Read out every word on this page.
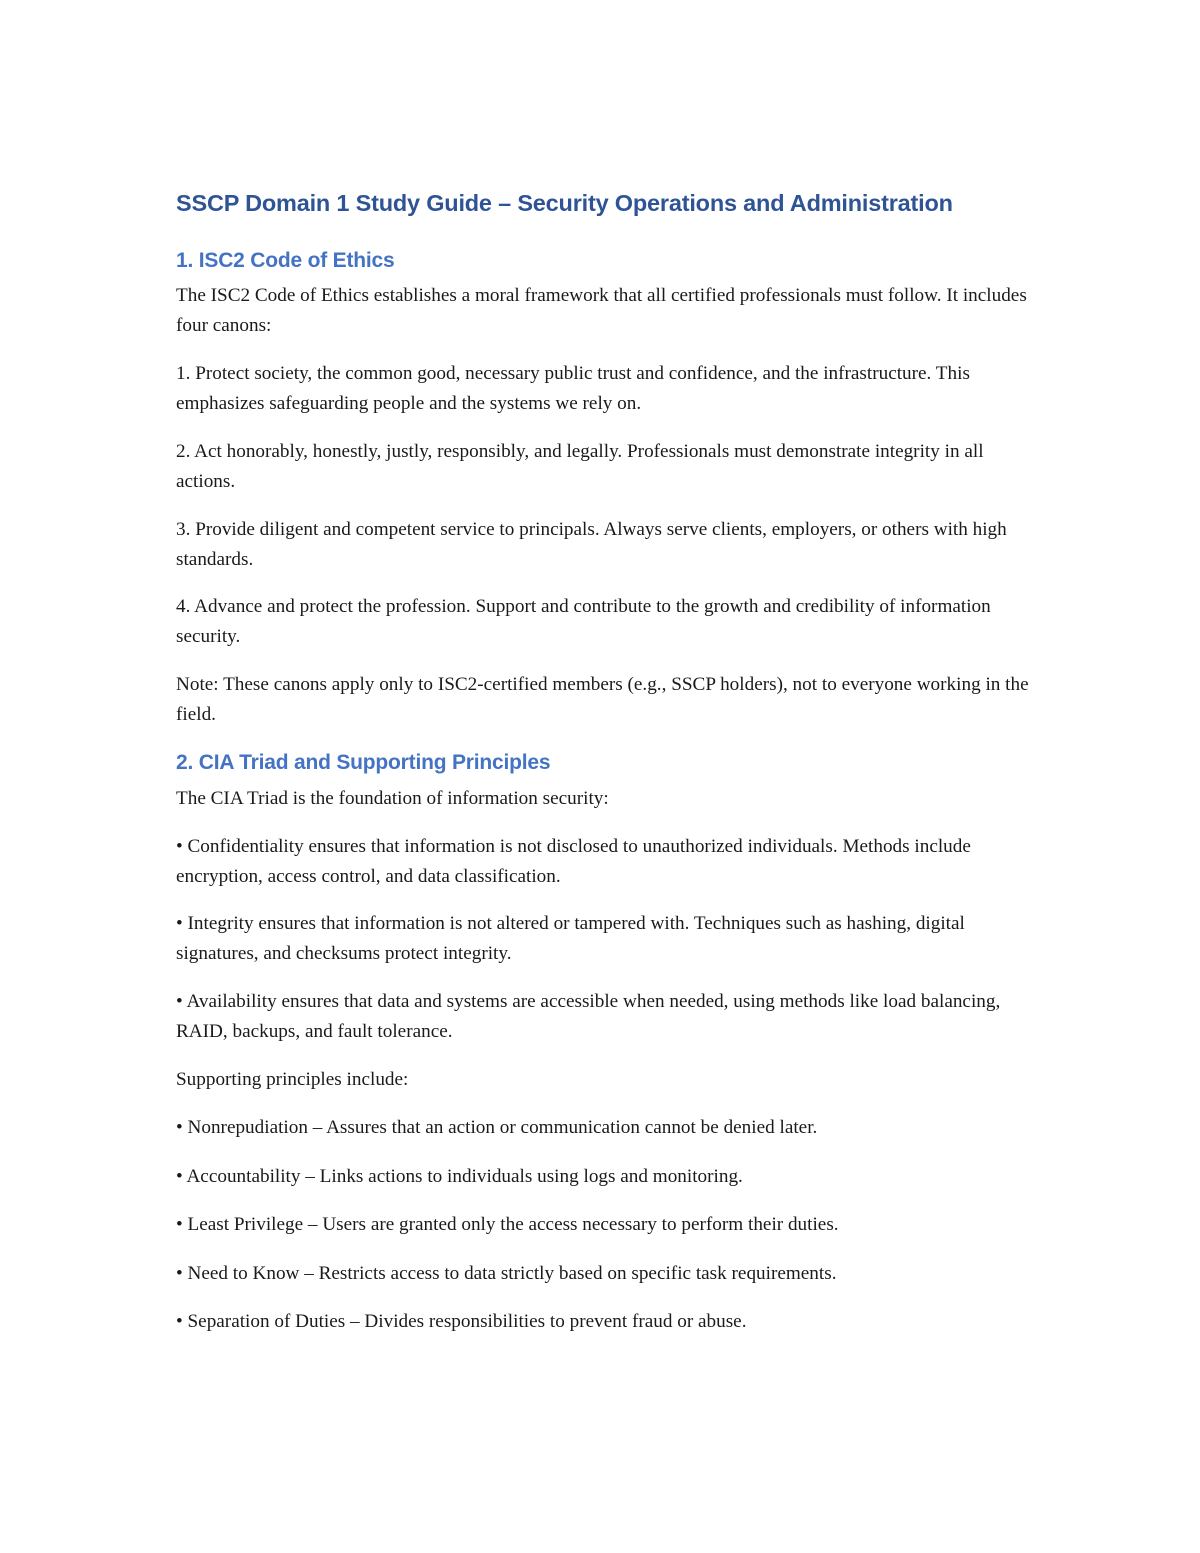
SSCP Domain 1 Study Guide – Security Operations and Administration
1. ISC2 Code of Ethics

The ISC2 Code of Ethics establishes a moral framework that all certified professionals must follow. It includes four canons:

1. Protect society, the common good, necessary public trust and confidence, and the infrastructure. This emphasizes safeguarding people and the systems we rely on.

2. Act honorably, honestly, justly, responsibly, and legally. Professionals must demonstrate integrity in all actions.

3. Provide diligent and competent service to principals. Always serve clients, employers, or others with high standards.

4. Advance and protect the profession. Support and contribute to the growth and credibility of information security.

Note: These canons apply only to ISC2-certified members (e.g., SSCP holders), not to everyone working in the field.

2. CIA Triad and Supporting Principles

The CIA Triad is the foundation of information security:

• Confidentiality ensures that information is not disclosed to unauthorized individuals. Methods include encryption, access control, and data classification.

• Integrity ensures that information is not altered or tampered with. Techniques such as hashing, digital signatures, and checksums protect integrity.

• Availability ensures that data and systems are accessible when needed, using methods like load balancing, RAID, backups, and fault tolerance.

Supporting principles include:

• Nonrepudiation – Assures that an action or communication cannot be denied later.

• Accountability – Links actions to individuals using logs and monitoring.

• Least Privilege – Users are granted only the access necessary to perform their duties.

• Need to Know – Restricts access to data strictly based on specific task requirements.

• Separation of Duties – Divides responsibilities to prevent fraud or abuse.
